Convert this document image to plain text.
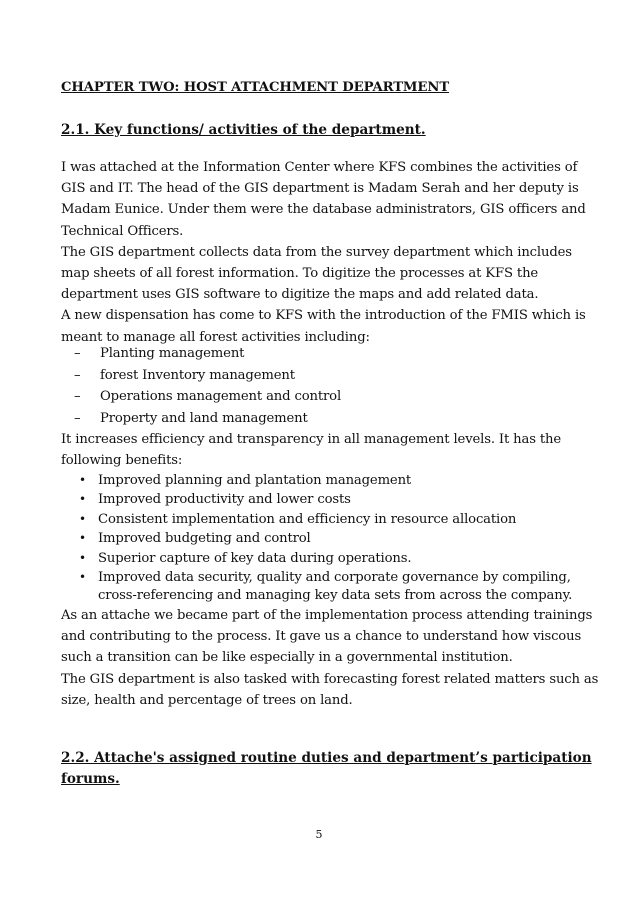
CHAPTER TWO: HOST ATTACHMENT DEPARTMENT
2.1. Key functions/ activities of the department.
I was attached at the Information Center where KFS combines the activities of
GIS and IT. The head of the GIS department is Madam Serah and her deputy is
Madam Eunice. Under them were the database administrators, GIS officers and
Technical Officers.
The GIS department collects data from the survey department which includes
map sheets of all forest information. To digitize the processes at KFS the
department uses GIS software to digitize the maps and add related data.
A new dispensation has come to KFS with the introduction of the FMIS which is
meant to manage all forest activities including:
– Planting management
– forest Inventory management
– Operations management and control
– Property and land management
It increases efficiency and transparency in all management levels. It has the
following benefits:
• Improved planning and plantation management
• Improved productivity and lower costs
• Consistent implementation and efficiency in resource allocation
• Improved budgeting and control
• Superior capture of key data during operations.
• Improved data security, quality and corporate governance by compiling,
cross-referencing and managing key data sets from across the company.
As an attache we became part of the implementation process attending trainings
and contributing to the process. It gave us a chance to understand how viscous
such a transition can be like especially in a governmental institution.
The GIS department is also tasked with forecasting forest related matters such as
size, health and percentage of trees on land.
2.2. Attache's assigned routine duties and department’s participation
forums.
5
